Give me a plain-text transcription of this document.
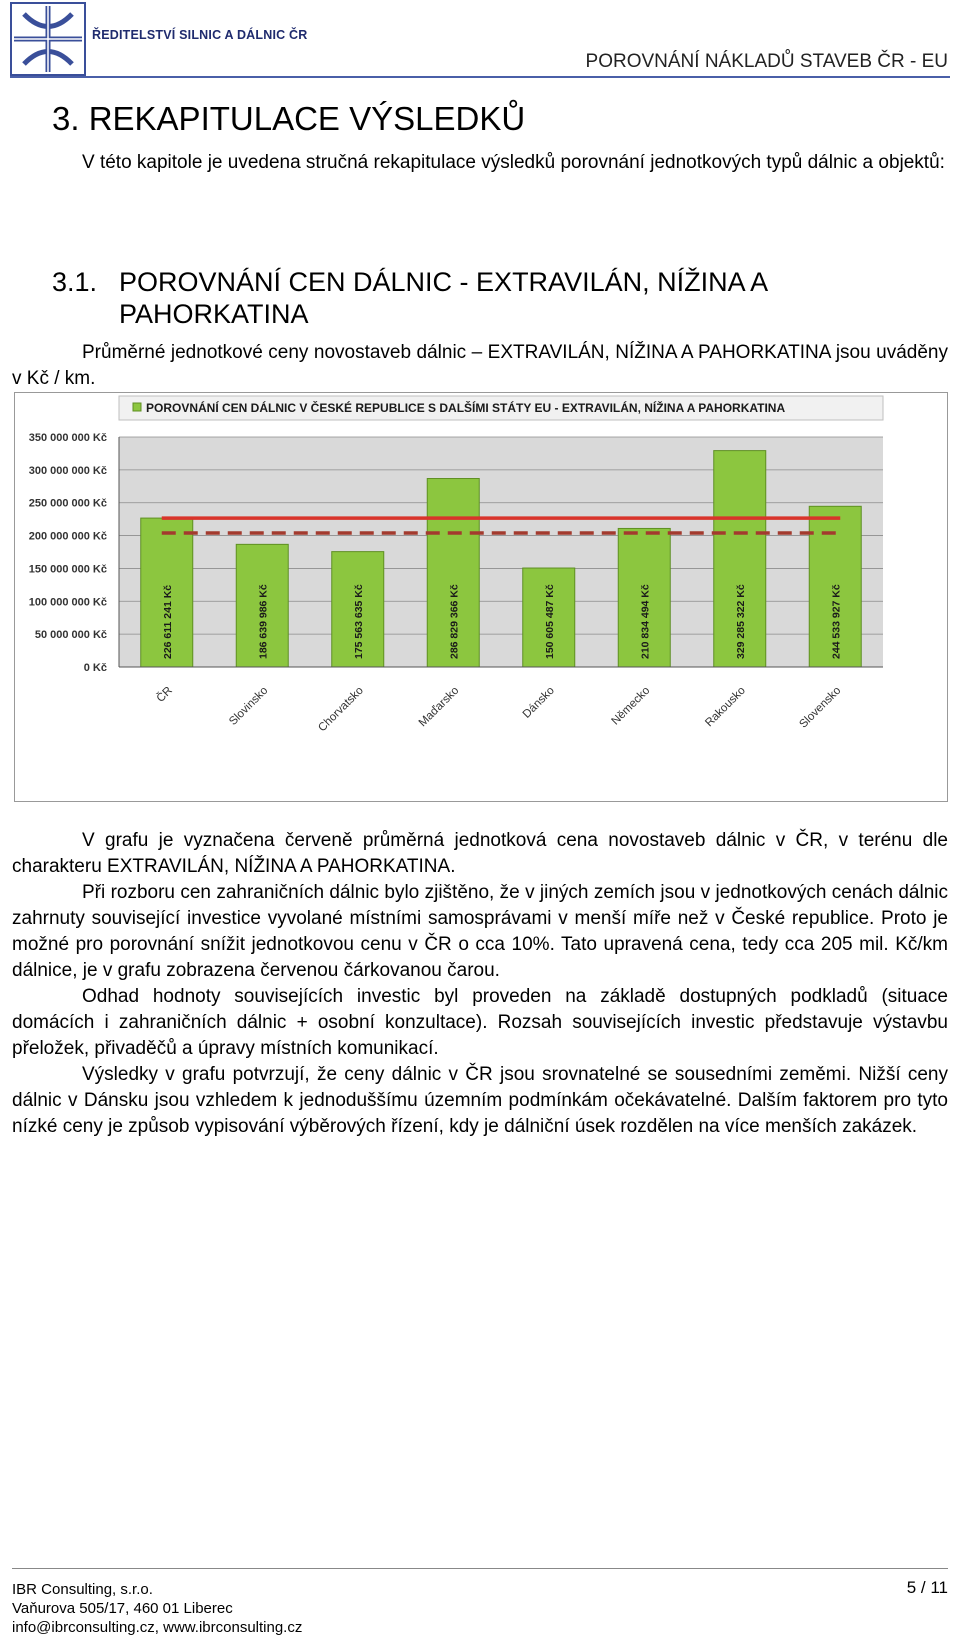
ŘEDITELSTVÍ SILNIC A DÁLNIC ČR
POROVNÁNÍ NÁKLADŮ STAVEB ČR - EU
3. REKAPITULACE VÝSLEDKŮ

V této kapitole je uvedena stručná rekapitulace výsledků porovnání jednotkových typů dálnic a objektů:

3.1. POROVNÁNÍ CEN DÁLNIC - EXTRAVILÁN, NÍŽINA A
PAHORKATINA

Průměrné jednotkové ceny novostaveb dálnic – EXTRAVILÁN, NÍŽINA A PAHORKATINA jsou uváděny v Kč / km.

POROVNÁNÍ CEN DÁLNIC V ČESKÉ REPUBLICE S DALŠÍMI STÁTY EU - EXTRAVILÁN, NÍŽINA A PAHORKATINA
0 Kč
50 000 000 Kč
100 000 000 Kč
150 000 000 Kč
200 000 000 Kč
250 000 000 Kč
300 000 000 Kč
350 000 000 Kč
226 611 241 Kč
ČR
186 639 986 Kč
Slovinsko
175 563 635 Kč
Chorvatsko
286 829 366 Kč
Maďarsko
150 605 487 Kč
Dánsko
210 834 494 Kč
Německo
329 285 322 Kč
Rakousko
244 533 927 Kč
Slovensko

V grafu je vyznačena červeně průměrná jednotková cena novostaveb dálnic v ČR, v terénu dle charakteru EXTRAVILÁN, NÍŽINA A PAHORKATINA.

Při rozboru cen zahraničních dálnic bylo zjištěno, že v jiných zemích jsou v jednotkových cenách dálnic zahrnuty související investice vyvolané místními samosprávami v menší míře než v České republice. Proto je možné pro porovnání snížit jednotkovou cenu v ČR o cca 10%. Tato upravená cena, tedy cca 205 mil. Kč/km dálnice, je v grafu zobrazena červenou čárkovanou čarou.

Odhad hodnoty souvisejících investic byl proveden na základě dostupných podkladů (situace domácích i zahraničních dálnic + osobní konzultace). Rozsah souvisejících investic představuje výstavbu přeložek, přivaděčů a úpravy místních komunikací.

Výsledky v grafu potvrzují, že ceny dálnic v ČR jsou srovnatelné se sousedními zeměmi. Nižší ceny dálnic v Dánsku jsou vzhledem k jednoduššímu územním podmínkám očekávatelné. Dalším faktorem pro tyto nízké ceny je způsob vypisování výběrových řízení, kdy je dálniční úsek rozdělen na více menších zakázek.

IBR Consulting, s.r.o.
Vaňurova 505/17, 460 01 Liberec
info@ibrconsulting.cz, www.ibrconsulting.cz
5 / 11
